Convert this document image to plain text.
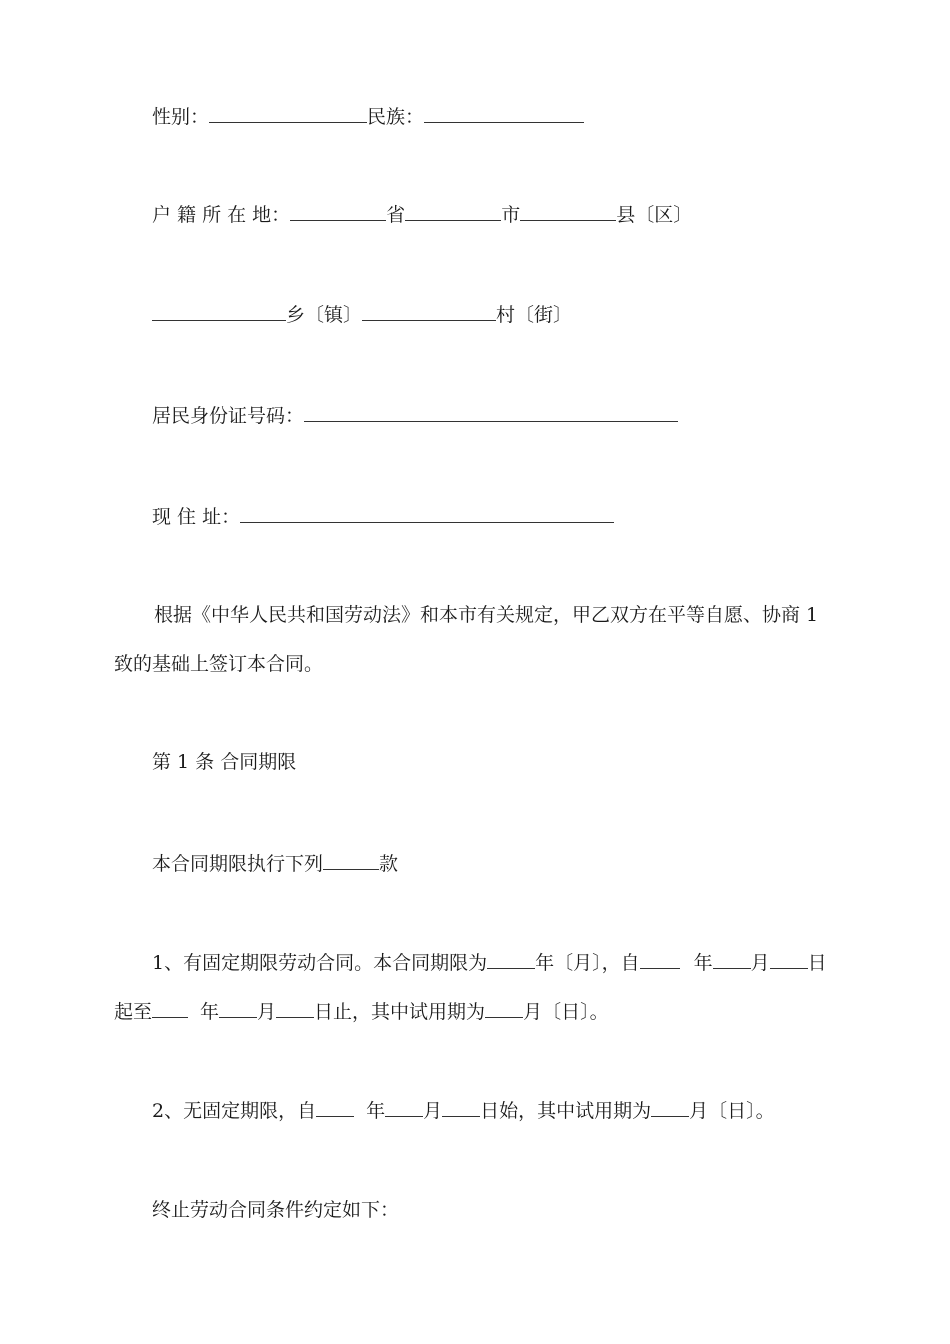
性别：	民族：
户 籍 所 在 地：	省	市	县〔区〕
乡〔镇〕	村〔街〕
居民身份证号码：
现 住 址：
根据《中华人民共和国劳动法》和本市有关规定，甲乙双方在平等自愿、协商 1
致的基础上签订本合同。
第 1 条 合同期限
本合同期限执行下列	款
1、有固定期限劳动合同。本合同期限为	年〔月〕，自	年 月 日
起至	年 月 日止，其中试用期为 月〔日〕。
2、无固定期限，自	年 月 日始，其中试用期为 月〔日〕。
终止劳动合同条件约定如下：
